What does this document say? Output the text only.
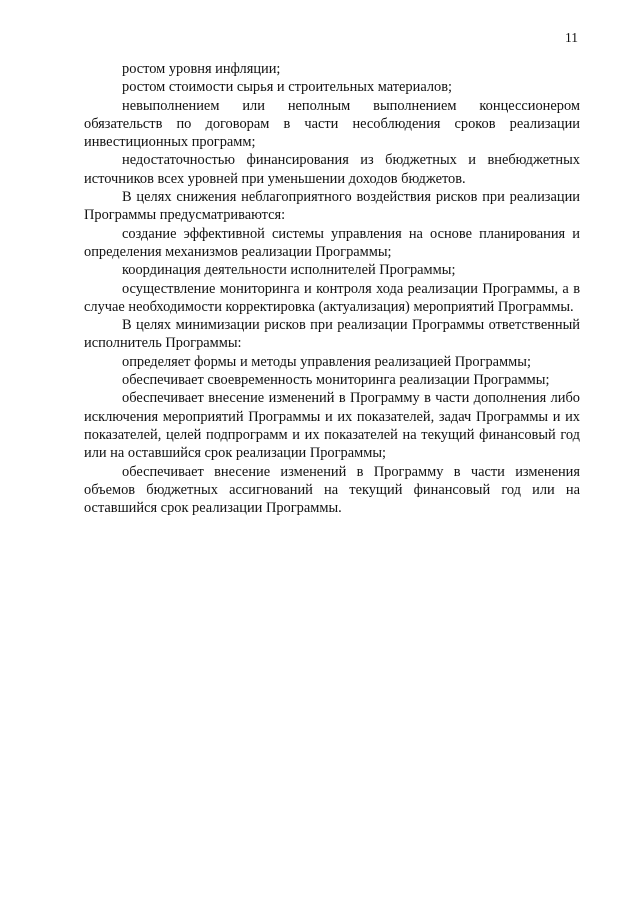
11

ростом уровня инфляции;

ростом стоимости сырья и строительных материалов;

невыполнением или неполным выполнением концессионером обязательств по договорам в части несоблюдения сроков реализации инвестиционных программ;

недостаточностью финансирования из бюджетных и внебюджетных источников всех уровней при уменьшении доходов бюджетов.

В целях снижения неблагоприятного воздействия рисков при реализации Программы предусматриваются:

создание эффективной системы управления на основе планирования и определения механизмов реализации Программы;

координация деятельности исполнителей Программы;

осуществление мониторинга и контроля хода реализации Программы, а в случае необходимости корректировка (актуализация) мероприятий Программы.

В целях минимизации рисков при реализации Программы ответственный исполнитель Программы:

определяет формы и методы управления реализацией Программы;

обеспечивает своевременность мониторинга реализации Программы;

обеспечивает внесение изменений в Программу в части дополнения либо исключения мероприятий Программы и их показателей, задач Программы и их показателей, целей подпрограмм и их показателей на текущий финансовый год или на оставшийся срок реализации Программы;

обеспечивает внесение изменений в Программу в части изменения объемов бюджетных ассигнований на текущий финансовый год или на оставшийся срок реализации Программы.
